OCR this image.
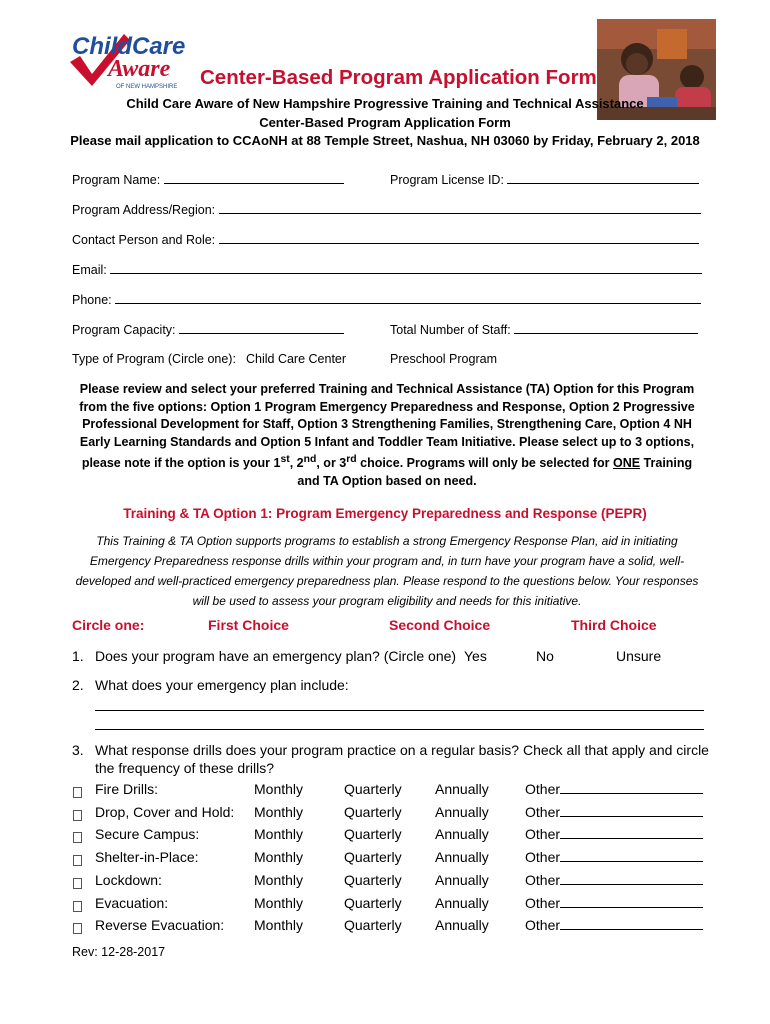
ChildCare
Aware
OF NEW HAMPSHIRE Center-Based Program Application Form
Child Care Aware of New Hampshire Progressive Training and Technical Assistance
Center-Based Program Application Form
Please mail application to CCAoNH at 88 Temple Street, Nashua, NH 03060 by Friday, February 2, 2018
Program Name:	Program License ID:
Program Address/Region:
Contact Person and Role:
Email:
Phone:
Program Capacity:	Total Number of Staff:
Type of Program (Circle one): Child Care Center	Preschool Program
Please review and select your preferred Training and Technical Assistance (TA) Option for this Program from the five options: Option 1 Program Emergency Preparedness and Response, Option 2 Progressive Professional Development for Staff, Option 3 Strengthening Families, Strengthening Care, Option 4 NH Early Learning Standards and Option 5 Infant and Toddler Team Initiative. Please select up to 3 options, please note if the option is your 1st, 2nd, or 3rd choice. Programs will only be selected for ONE Training and TA Option based on need.
Training & TA Option 1: Program Emergency Preparedness and Response (PEPR)
This Training & TA Option supports programs to establish a strong Emergency Response Plan, aid in initiating Emergency Preparedness response drills within your program and, in turn have your program have a solid, well-developed and well-practiced emergency preparedness plan. Please respond to the questions below. Your responses will be used to assess your program eligibility and needs for this initiative.
Circle one:	First Choice	Second Choice	Third Choice
1. Does your program have an emergency plan? (Circle one) Yes	No	Unsure
2. What does your emergency plan include:
3. What response drills does your program practice on a regular basis? Check all that apply and circle
the frequency of these drills?
Fire Drills:	Monthly	Quarterly Annually	Other
Drop, Cover and Hold: Monthly	Quarterly Annually	Other
Secure Campus:	Monthly	Quarterly Annually	Other
Shelter-in-Place:	Monthly	Quarterly Annually	Other
Lockdown:	Monthly	Quarterly Annually	Other
Evacuation:	Monthly	Quarterly Annually	Other
Reverse Evacuation: Monthly	Quarterly Annually	Other
Rev: 12-28-2017
